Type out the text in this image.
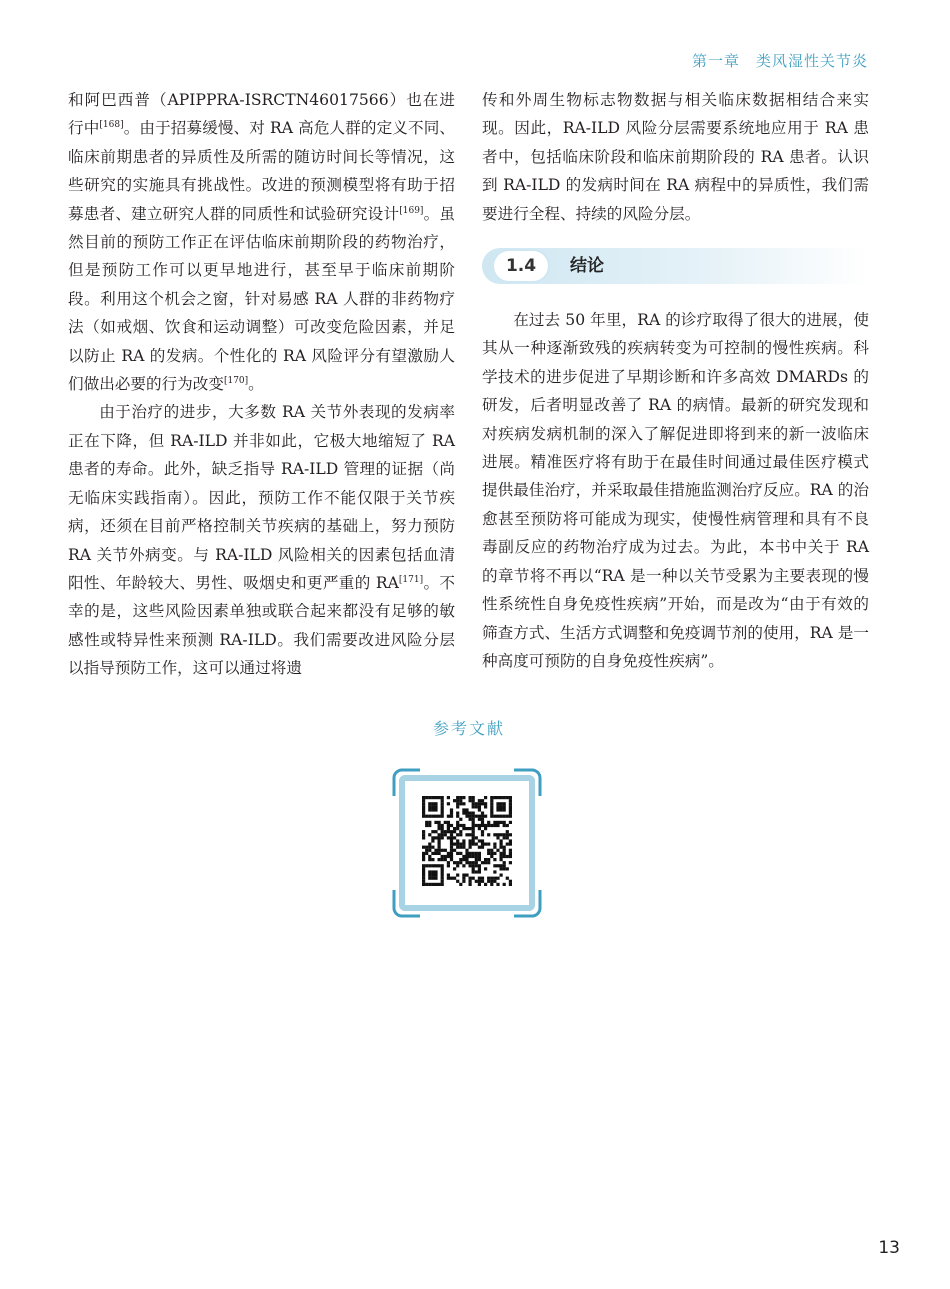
第一章 类风湿性关节炎

和阿巴西普（APIPPRA-ISRCTN46017566）也在进行中[168]。由于招募缓慢、对 RA 高危人群的定义不同、临床前期患者的异质性及所需的随访时间长等情况，这些研究的实施具有挑战性。改进的预测模型将有助于招募患者、建立研究人群的同质性和试验研究设计[169]。虽然目前的预防工作正在评估临床前期阶段的药物治疗，但是预防工作可以更早地进行，甚至早于临床前期阶段。利用这个机会之窗，针对易感 RA 人群的非药物疗法（如戒烟、饮食和运动调整）可改变危险因素，并足以防止 RA 的发病。个性化的 RA 风险评分有望激励人们做出必要的行为改变[170]。

由于治疗的进步，大多数 RA 关节外表现的发病率正在下降，但 RA-ILD 并非如此，它极大地缩短了 RA 患者的寿命。此外，缺乏指导 RA-ILD 管理的证据（尚无临床实践指南）。因此，预防工作不能仅限于关节疾病，还须在目前严格控制关节疾病的基础上，努力预防 RA 关节外病变。与 RA-ILD 风险相关的因素包括血清阳性、年龄较大、男性、吸烟史和更严重的 RA[171]。不幸的是，这些风险因素单独或联合起来都没有足够的敏感性或特异性来预测 RA-ILD。我们需要改进风险分层以指导预防工作，这可以通过将遗

传和外周生物标志物数据与相关临床数据相结合来实现。因此，RA-ILD 风险分层需要系统地应用于 RA 患者中，包括临床阶段和临床前期阶段的 RA 患者。认识到 RA-ILD 的发病时间在 RA 病程中的异质性，我们需要进行全程、持续的风险分层。

1.4	结论

在过去 50 年里，RA 的诊疗取得了很大的进展，使其从一种逐渐致残的疾病转变为可控制的慢性疾病。科学技术的进步促进了早期诊断和许多高效 DMARDs 的研发，后者明显改善了 RA 的病情。最新的研究发现和对疾病发病机制的深入了解促进即将到来的新一波临床进展。精准医疗将有助于在最佳时间通过最佳医疗模式提供最佳治疗，并采取最佳措施监测治疗反应。RA 的治愈甚至预防将可能成为现实，使慢性病管理和具有不良毒副反应的药物治疗成为过去。为此，本书中关于 RA 的章节将不再以“RA 是一种以关节受累为主要表现的慢性系统性自身免疫性疾病”开始，而是改为“由于有效的筛查方式、生活方式调整和免疫调节剂的使用，RA 是一种高度可预防的自身免疫性疾病”。

参考文献
13
